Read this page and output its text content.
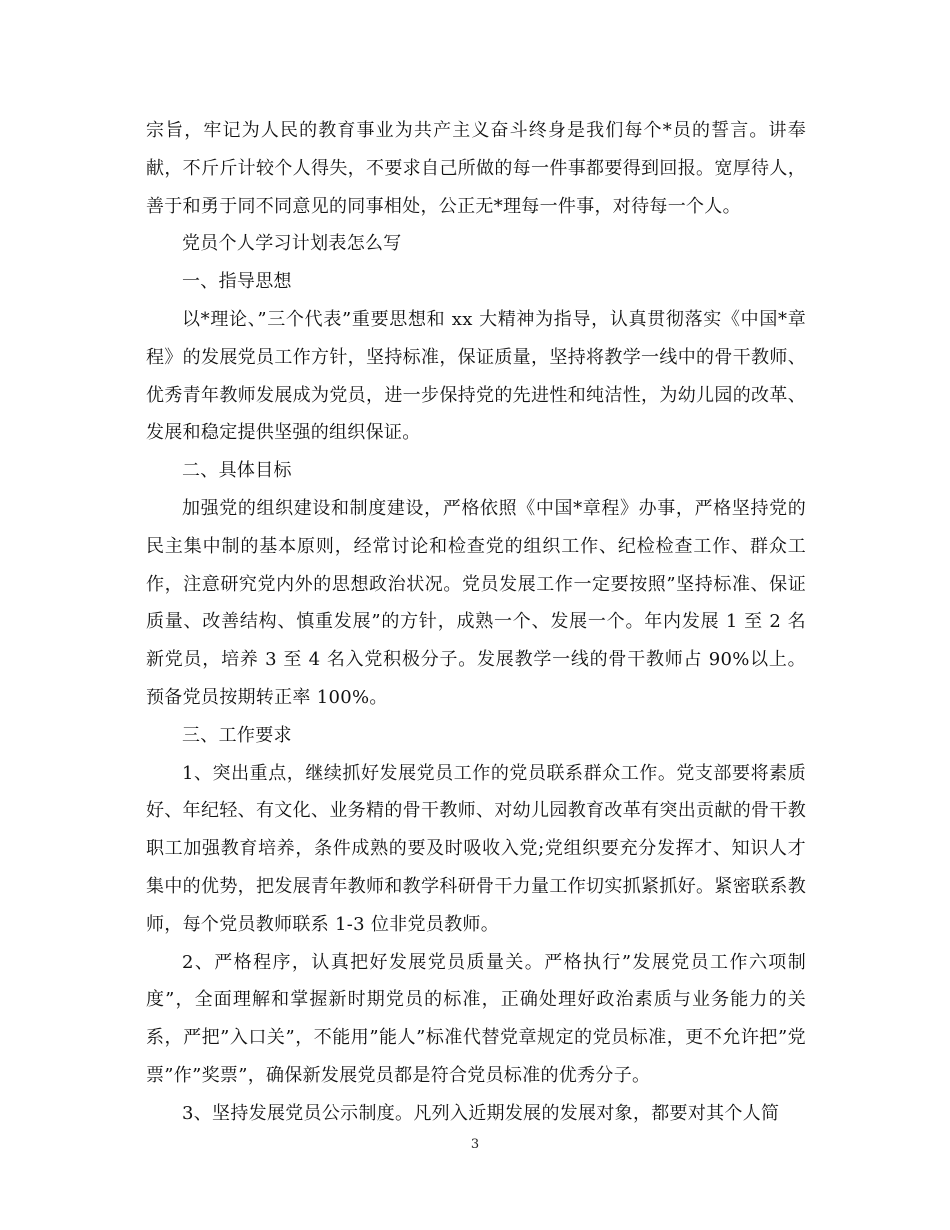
宗旨，牢记为人民的教育事业为共产主义奋斗终身是我们每个*员的誓言。讲奉献，不斤斤计较个人得失，不要求自己所做的每一件事都要得到回报。宽厚待人，善于和勇于同不同意见的同事相处，公正无*理每一件事，对待每一个人。

党员个人学习计划表怎么写

一、指导思想

以*理论、”三个代表”重要思想和 xx 大精神为指导，认真贯彻落实《中国*章程》的发展党员工作方针，坚持标准，保证质量，坚持将教学一线中的骨干教师、优秀青年教师发展成为党员，进一步保持党的先进性和纯洁性，为幼儿园的改革、发展和稳定提供坚强的组织保证。

二、具体目标

加强党的组织建设和制度建设，严格依照《中国*章程》办事，严格坚持党的民主集中制的基本原则，经常讨论和检查党的组织工作、纪检检查工作、群众工作，注意研究党内外的思想政治状况。党员发展工作一定要按照”坚持标准、保证质量、改善结构、慎重发展”的方针，成熟一个、发展一个。年内发展 1 至 2 名新党员，培养 3 至 4 名入党积极分子。发展教学一线的骨干教师占 90%以上。预备党员按期转正率 100%。

三、工作要求

1、突出重点，继续抓好发展党员工作的党员联系群众工作。党支部要将素质好、年纪轻、有文化、业务精的骨干教师、对幼儿园教育改革有突出贡献的骨干教职工加强教育培养，条件成熟的要及时吸收入党;党组织要充分发挥才、知识人才集中的优势，把发展青年教师和教学科研骨干力量工作切实抓紧抓好。紧密联系教师，每个党员教师联系 1-3 位非党员教师。

2、严格程序，认真把好发展党员质量关。严格执行”发展党员工作六项制度”，全面理解和掌握新时期党员的标准，正确处理好政治素质与业务能力的关系，严把”入口关”，不能用”能人”标准代替党章规定的党员标准，更不允许把”党票”作”奖票”，确保新发展党员都是符合党员标准的优秀分子。

3、坚持发展党员公示制度。凡列入近期发展的发展对象，都要对其个人简

3
